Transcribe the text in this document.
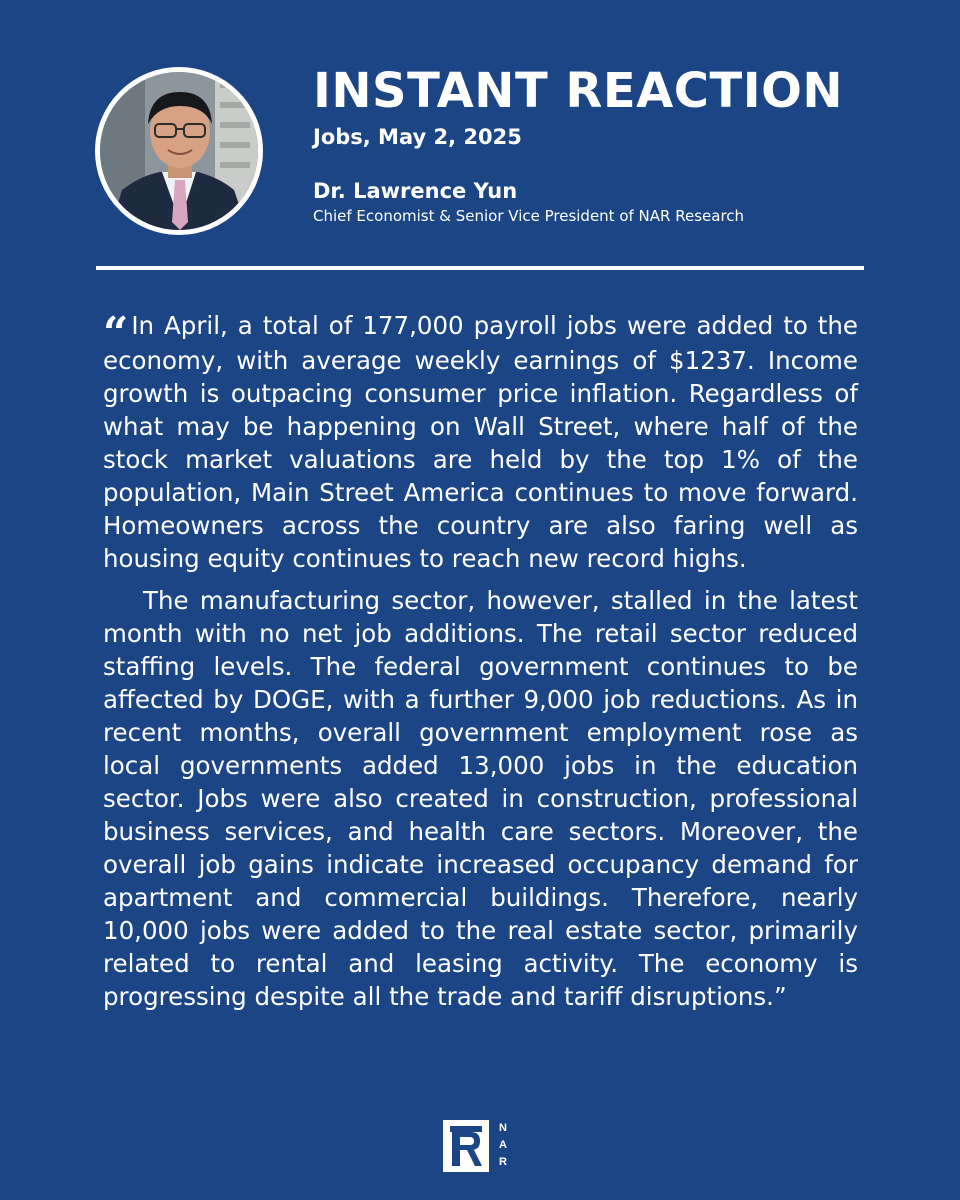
INSTANT REACTION
Jobs, May 2, 2025
Dr. Lawrence Yun
Chief Economist & Senior Vice President of NAR Research

“ In April, a total of 177,000 payroll jobs were added to the economy, with average weekly earnings of $1237. Income growth is outpacing consumer price inflation. Regardless of what may be happening on Wall Street, where half of the stock market valuations are held by the top 1% of the population, Main Street America continues to move forward. Homeowners across the country are also faring well as housing equity continues to reach new record highs.

The manufacturing sector, however, stalled in the latest month with no net job additions. The retail sector reduced staffing levels. The federal government continues to be affected by DOGE, with a further 9,000 job reductions. As in recent months, overall government employment rose as local governments added 13,000 jobs in the education sector. Jobs were also created in construction, professional business services, and health care sectors. Moreover, the overall job gains indicate increased occupancy demand for apartment and commercial buildings. Therefore, nearly 10,000 jobs were added to the real estate sector, primarily related to rental and leasing activity. The economy is progressing despite all the trade and tariff disruptions.”

N
A
R
